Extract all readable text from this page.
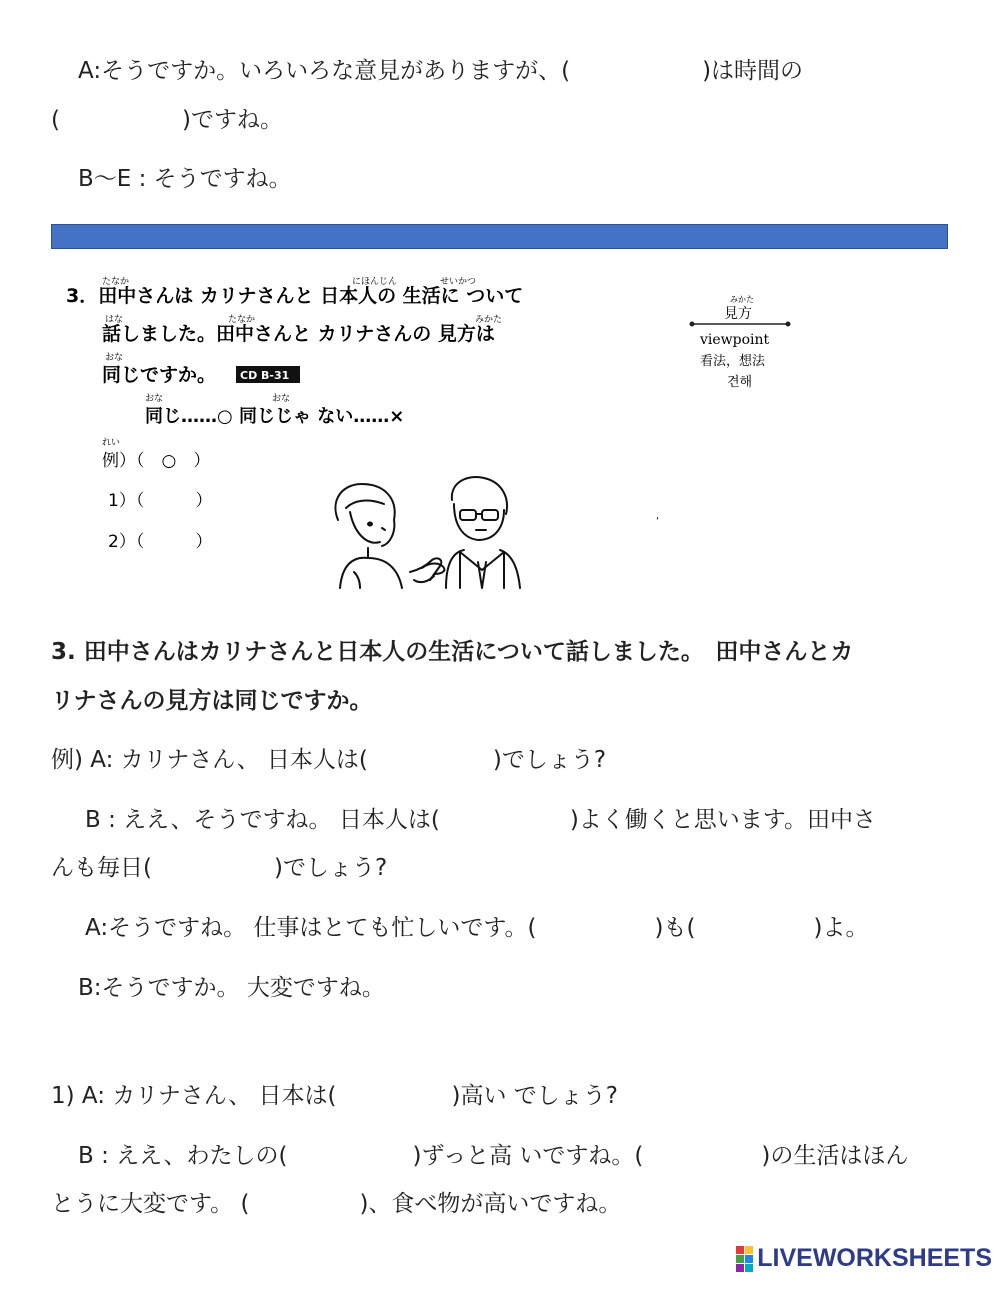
A:そうですか。いろいろな意見がありますが、(	)は時間の
(	)ですね。
B〜E : そうですね。
たなか	にほんじん	せいかつ
はな	たなか	みかた
おな
おな	おな
れい
3．田中さんは カリナさんと 日本人の 生活に ついて
話しました。田中さんと カリナさんの 見方は
同じですか。 CD B-31
同じ……○ 同じじゃ ない……×
例）（　○　）
1）（　　　）
2）（　　　）
みかた
見方
viewpoint
看法，想法
견해
‘
3. 田中さんはカリナさんと日本人の生活について話しました。　田中さんとカ
リナさんの見方は同じですか。
例) A: カリナさん、 日本人は(	)でしょう?
B : ええ、そうですね。 日本人は(	)よく働くと思います。田中さ
んも毎日(	)でしょう?
A:そうですね。 仕事はとても忙しいです。(	)も(	)よ。
B:そうですか。 大変ですね。
1) A: カリナさん、 日本は(	)高い でしょう?
B : ええ、わたしの(	)ずっと高 いですね。(	)の生活はほん
とうに大変です。 (	)、食べ物が高いですね。
LIVEWORKSHEETS
